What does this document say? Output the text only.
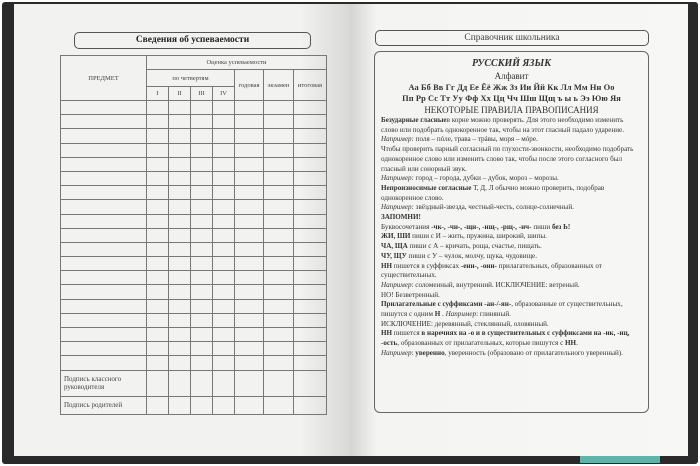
Сведения об успеваемости
ПРЕДМЕТ	Оценка успеваемости						
	по четвертям				годовая	экзамен	итоговая
	I	II	III	IV			

Подпись классного руководителя							
Подпись родителей							
Справочник школьника
РУССКИЙ ЯЗЫК
Алфавит
Аа Бб Вв Гг Дд Ее Ёё Жж Зз Ии Йй Кк Лл Мм Нн Оо
Пп Рр Сс Тт Уу Фф Хх Цц Чч Шш Щщ ъ ы ь Ээ Юю Яя
НЕКОТОРЫЕ ПРАВИЛА ПРАВОПИСАНИЯ
Безударные гласныев корне можно проверять. Для этого необходимо изменить слово или подобрать однокоренное так, чтобы на этот гласный падало ударение.
Например: поля – пóле, трава – трáвы, моря – мóре.
Чтобы проверить парный согласный по глухости-звонкости, необходимо подобрать однокоренное слово или изменить слово так, чтобы после этого согласного был гласный или сонорный звук.
Например: город – города, дубки – дубок, мороз – морозы.
Непроизносимые согласные Т, Д, Л обычно можно проверить, подобрав однокоренное слово.
Например: звёздный-звезда, честный-честь, солнце-солнечный.
ЗАПОМНИ!
Буквосочетания -чк-, -чн-, -щн-, -нщ-, -рщ-, -нч- пиши без Ь!
ЖИ, ШИ пиши с И – жить, пружина, широкий, шипы.
ЧА, ЩА пиши с А – кричать, роща, счастье, пищать.
ЧУ, ЩУ пиши с У – чулок, молчу, щука, чудовище.
НН пишется в суффиксах -енн-, -онн- прилагательных, образованных от существительных.
Например: соломенный, внутренний. ИСКЛЮЧЕНИЕ: ветреный.
НО! Безветренный.
Прилагательные с суффиксами -ан-/-ян-, образованные от существительных, пишутся с одним Н . Например: глиняный.
ИСКЛЮЧЕНИЕ: деревянный, стеклянный, оловянный.
НН пишется в наречиях на -о и в существительных с суффиксами на -ик, -иц, -ость, образованных от прилагательных, которые пишутся с НН.
Например: уверенно, уверенность (образовано от прилагательного уверенный).
